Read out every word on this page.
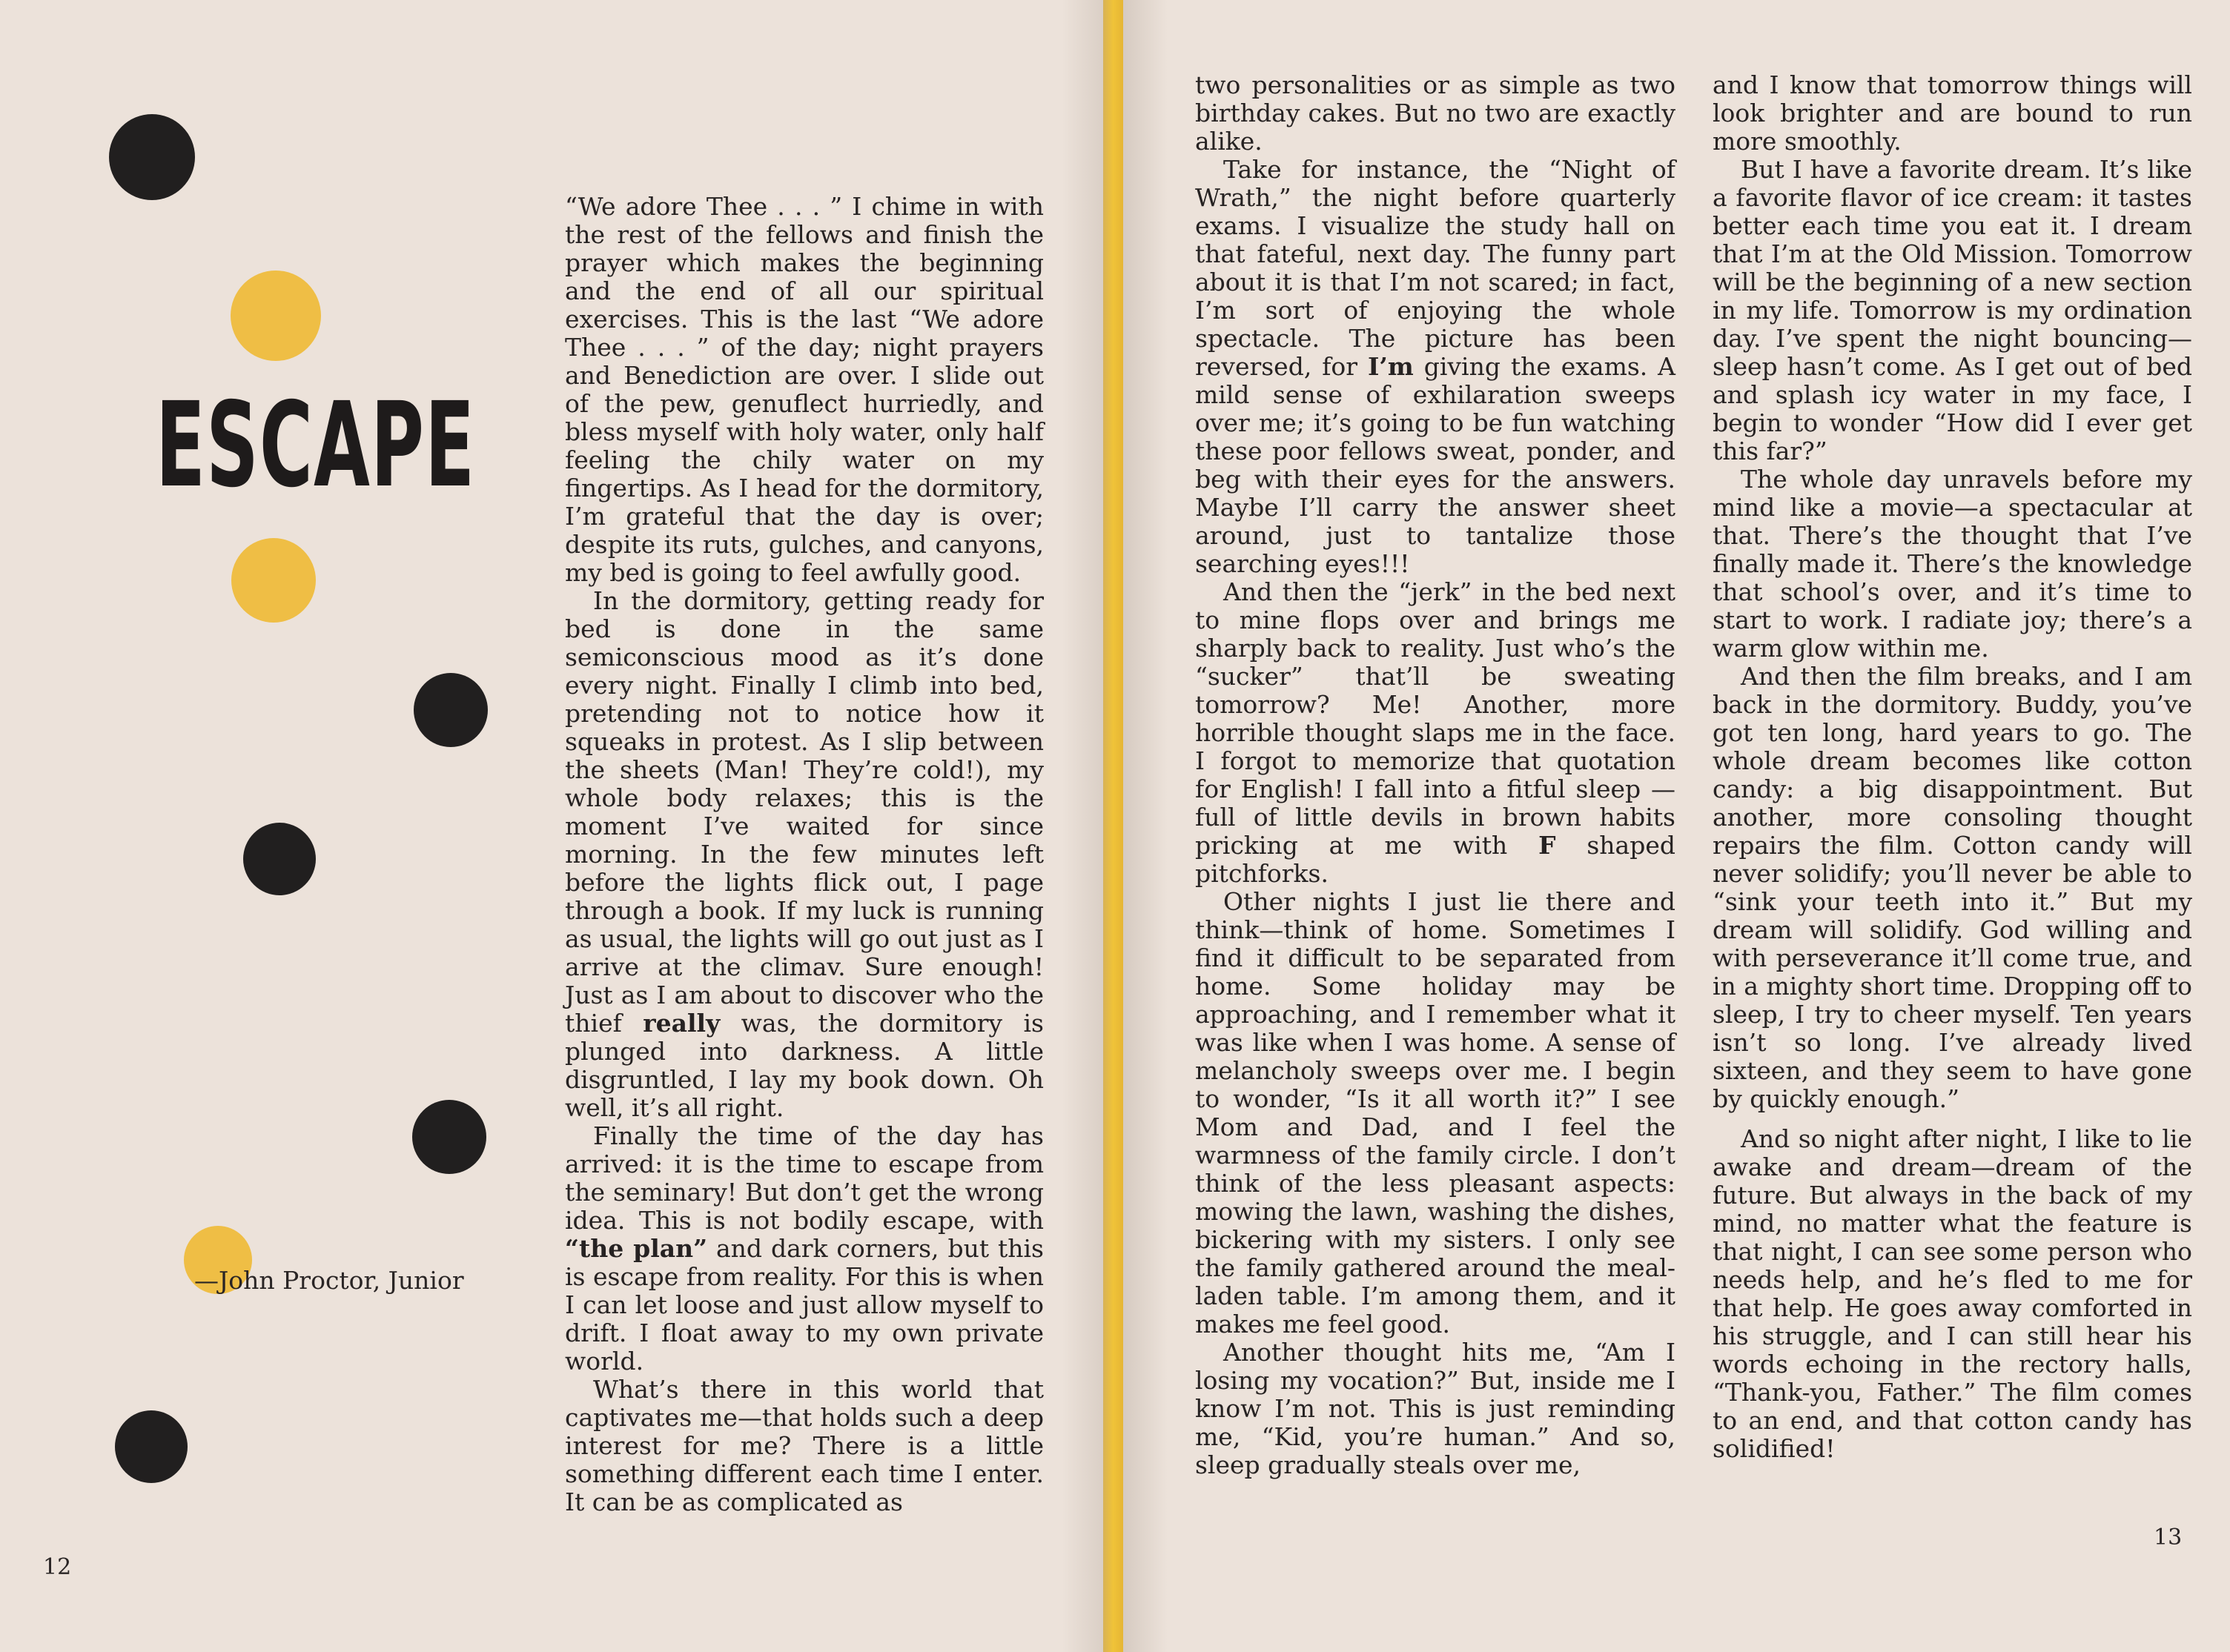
ESCAPE

—John Proctor, Junior

“We adore Thee . . . ” I chime in with the rest of the fellows and finish the prayer which makes the beginning and the end of all our spiritual exercises. This is the last “We adore Thee . . . ” of the day; night prayers and Benediction are over. I slide out of the pew, genuflect hurriedly, and bless myself with holy water, only half feeling the chily water on my fingertips. As I head for the dormitory, I’m grateful that the day is over; despite its ruts, gulches, and canyons, my bed is going to feel awfully good.

In the dormitory, getting ready for bed is done in the same semiconscious mood as it’s done every night. Finally I climb into bed, pretending not to notice how it squeaks in protest. As I slip between the sheets (Man! They’re cold!), my whole body relaxes; this is the moment I’ve waited for since morning. In the few minutes left before the lights flick out, I page through a book. If my luck is running as usual, the lights will go out just as I arrive at the climav. Sure enough! Just as I am about to discover who the thief really was, the dormitory is plunged into darkness. A little disgruntled, I lay my book down. Oh well, it’s all right.

Finally the time of the day has arrived: it is the time to escape from the seminary! But don’t get the wrong idea. This is not bodily escape, with “the plan” and dark corners, but this is escape from reality. For this is when I can let loose and just allow myself to drift. I float away to my own private world.

What’s there in this world that captivates me—that holds such a deep interest for me? There is a little something different each time I enter. It can be as complicated as

12

two personalities or as simple as two birthday cakes. But no two are exactly alike.

Take for instance, the “Night of Wrath,” the night before quarterly exams. I visualize the study hall on that fateful, next day. The funny part about it is that I’m not scared; in fact, I’m sort of enjoying the whole spectacle. The picture has been reversed, for I’m giving the exams. A mild sense of exhilaration sweeps over me; it’s going to be fun watching these poor fellows sweat, ponder, and beg with their eyes for the answers. Maybe I’ll carry the answer sheet around, just to tantalize those searching eyes!!!

And then the “jerk” in the bed next to mine flops over and brings me sharply back to reality. Just who’s the “sucker” that’ll be sweating tomorrow? Me! Another, more horrible thought slaps me in the face. I forgot to memorize that quotation for English! I fall into a fitful sleep — full of little devils in brown habits pricking at me with F shaped pitchforks.

Other nights I just lie there and think—think of home. Sometimes I find it difficult to be separated from home. Some holiday may be approaching, and I remember what it was like when I was home. A sense of melancholy sweeps over me. I begin to wonder, “Is it all worth it?” I see Mom and Dad, and I feel the warmness of the family circle. I don’t think of the less pleasant aspects: mowing the lawn, washing the dishes, bickering with my sisters. I only see the family gathered around the meal-laden table. I’m among them, and it makes me feel good.

Another thought hits me, “Am I losing my vocation?” But, inside me I know I’m not. This is just reminding me, “Kid, you’re human.” And so, sleep gradually steals over me,

and I know that tomorrow things will look brighter and are bound to run more smoothly.

But I have a favorite dream. It’s like a favorite flavor of ice cream: it tastes better each time you eat it. I dream that I’m at the Old Mission. Tomorrow will be the beginning of a new section in my life. Tomorrow is my ordination day. I’ve spent the night bouncing—sleep hasn’t come. As I get out of bed and splash icy water in my face, I begin to wonder “How did I ever get this far?”

The whole day unravels before my mind like a movie—a spectacular at that. There’s the thought that I’ve finally made it. There’s the knowledge that school’s over, and it’s time to start to work. I radiate joy; there’s a warm glow within me.

And then the film breaks, and I am back in the dormitory. Buddy, you’ve got ten long, hard years to go. The whole dream becomes like cotton candy: a big disappointment. But another, more consoling thought repairs the film. Cotton candy will never solidify; you’ll never be able to “sink your teeth into it.” But my dream will solidify. God willing and with perseverance it’ll come true, and in a mighty short time. Dropping off to sleep, I try to cheer myself. Ten years isn’t so long. I’ve already lived sixteen, and they seem to have gone by quickly enough.”

And so night after night, I like to lie awake and dream—dream of the future. But always in the back of my mind, no matter what the feature is that night, I can see some person who needs help, and he’s fled to me for that help. He goes away comforted in his struggle, and I can still hear his words echoing in the rectory halls, “Thank-you, Father.” The film comes to an end, and that cotton candy has solidified!

13
